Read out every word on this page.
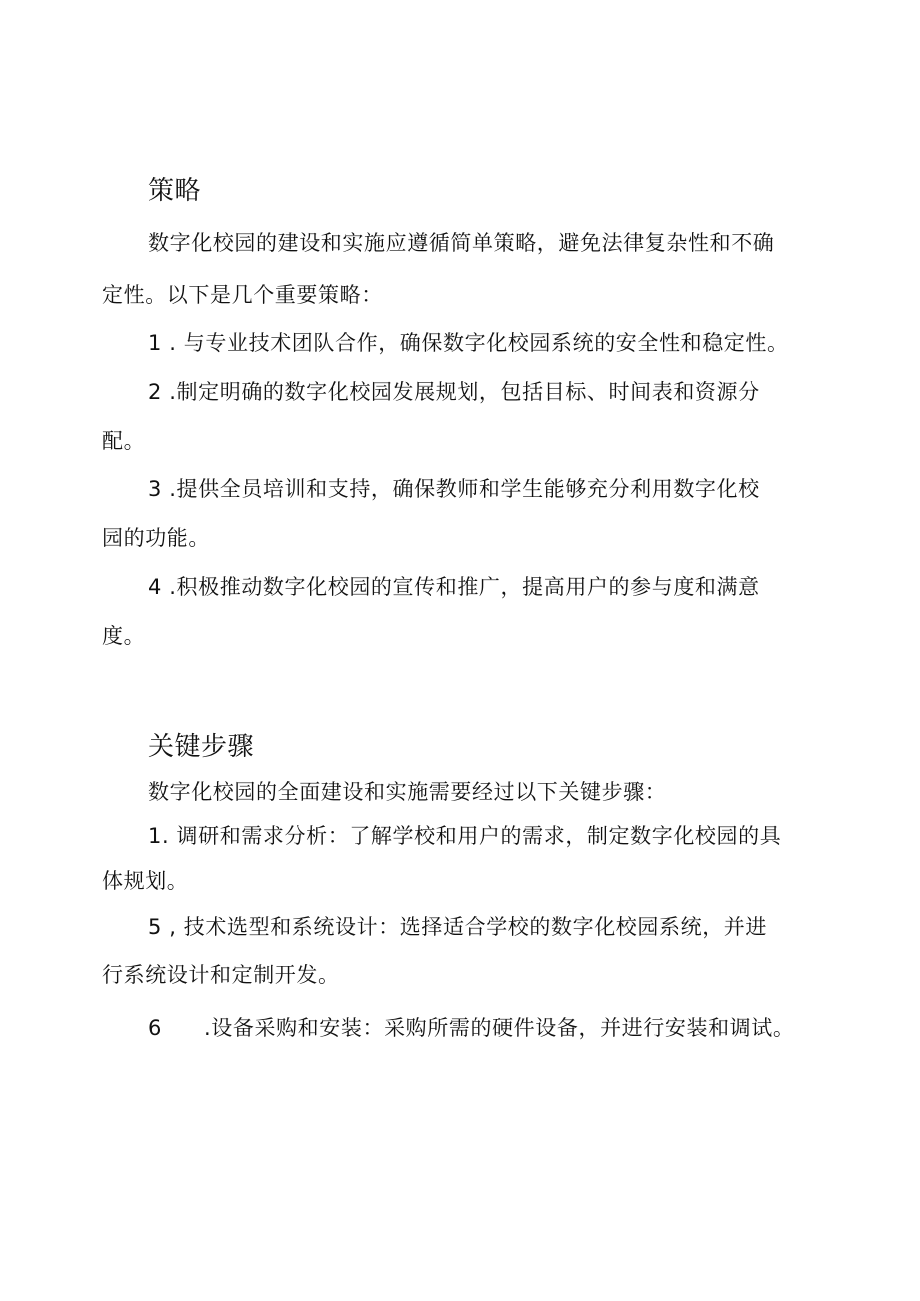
策略
数字化校园的建设和实施应遵循简单策略，避免法律复杂性和不确
定性。以下是几个重要策略：
1 . 与专业技术团队合作，确保数字化校园系统的安全性和稳定性。
2 .制定明确的数字化校园发展规划，包括目标、时间表和资源分
配。
3 .提供全员培训和支持，确保教师和学生能够充分利用数字化校
园的功能。
4 .积极推动数字化校园的宣传和推广，提高用户的参与度和满意
度。
关键步骤
数字化校园的全面建设和实施需要经过以下关键步骤：
1. 调研和需求分析：了解学校和用户的需求，制定数字化校园的具
体规划。
5 , 技术选型和系统设计：选择适合学校的数字化校园系统，并进
行系统设计和定制开发。
6 .设备采购和安装：采购所需的硬件设备，并进行安装和调试。
